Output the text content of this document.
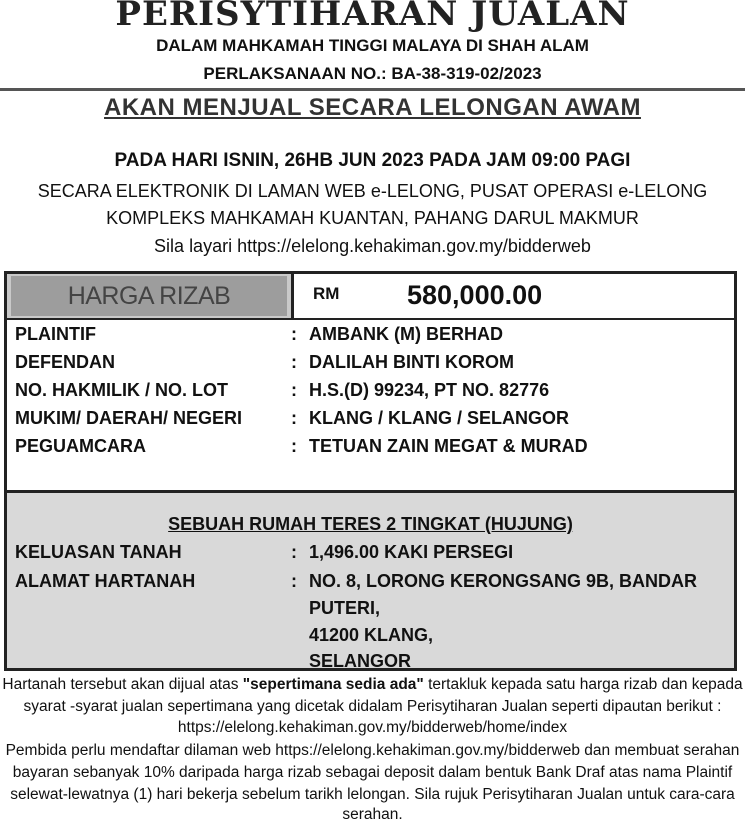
PERISYTIHARAN JUALAN
DALAM MAHKAMAH TINGGI MALAYA DI SHAH ALAM
PERLAKSANAAN NO.: BA-38-319-02/2023
AKAN MENJUAL SECARA LELONGAN AWAM
PADA HARI ISNIN, 26HB JUN 2023 PADA JAM 09:00 PAGI
SECARA ELEKTRONIK DI LAMAN WEB e-LELONG, PUSAT OPERASI e-LELONG
KOMPLEKS MAHKAMAH KUANTAN, PAHANG DARUL MAKMUR
Sila layari https://elelong.kehakiman.gov.my/bidderweb
HARGA RIZAB	RM	580,000.00
PLAINTIF	: AMBANK (M) BERHAD
DEFENDAN	: DALILAH BINTI KOROM
NO. HAKMILIK / NO. LOT	: H.S.(D) 99234, PT NO. 82776
MUKIM/ DAERAH/ NEGERI	: KLANG / KLANG / SELANGOR
PEGUAMCARA	: TETUAN ZAIN MEGAT & MURAD
SEBUAH RUMAH TERES 2 TINGKAT (HUJUNG)
KELUASAN TANAH	: 1,496.00 KAKI PERSEGI
ALAMAT HARTANAH	: NO. 8, LORONG KERONGSANG 9B, BANDAR
PUTERI,
41200 KLANG,
SELANGOR
Hartanah tersebut akan dijual atas "sepertimana sedia ada" tertakluk kepada satu harga rizab dan kepada
syarat -syarat jualan sepertimana yang dicetak didalam Perisytiharan Jualan seperti dipautan berikut :
https://elelong.kehakiman.gov.my/bidderweb/home/index
Pembida perlu mendaftar dilaman web https://elelong.kehakiman.gov.my/bidderweb dan membuat serahan
bayaran sebanyak 10% daripada harga rizab sebagai deposit dalam bentuk Bank Draf atas nama Plaintif
selewat-lewatnya (1) hari bekerja sebelum tarikh lelongan. Sila rujuk Perisytiharan Jualan untuk cara-cara
serahan.
